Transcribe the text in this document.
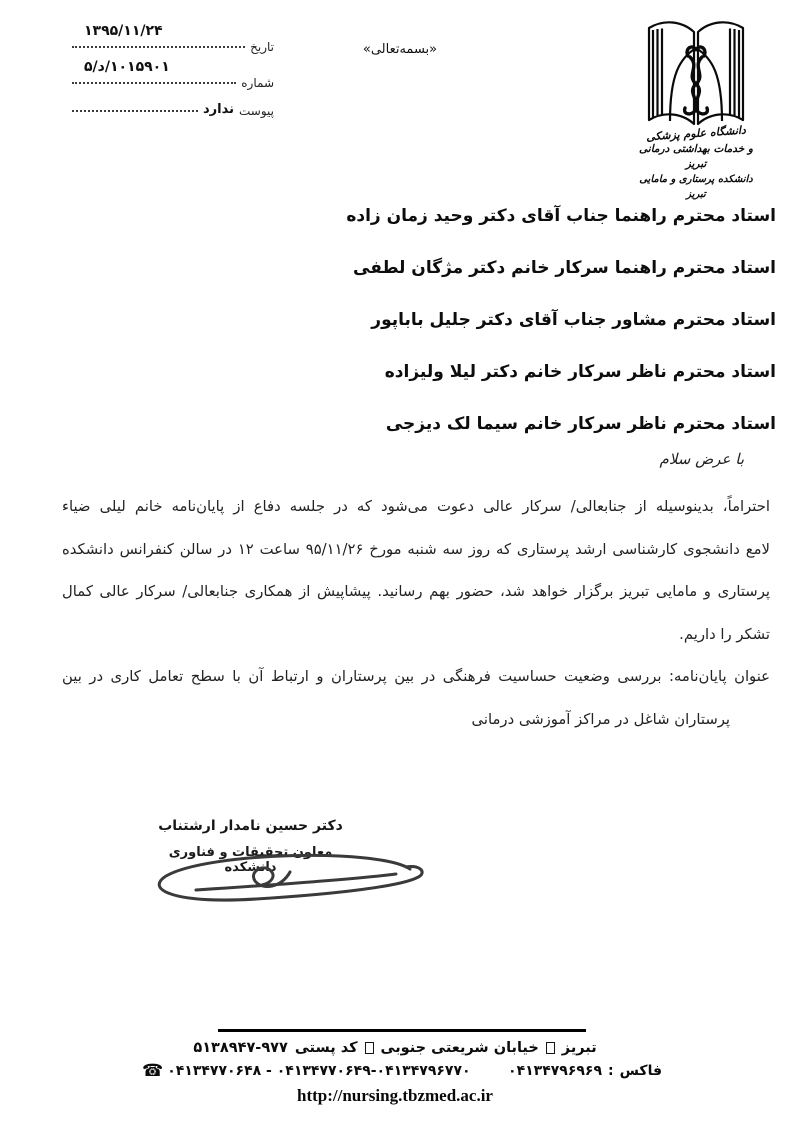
۱۳۹۵/۱۱/۲۴
تاریخ
۵/د/۱۰۱۵۹۰۱
شماره
پیوست
ندارد
«بسمه‌تعالی»
دانشگاه علوم پزشکی
و خدمات بهداشتی درمانی تبریز
دانشکده پرستاری و مامایی تبریز
استاد محترم راهنما جناب آقای دکتر وحید زمان زاده
استاد محترم راهنما سرکار خانم دکتر مژگان لطفی
استاد محترم مشاور جناب آقای دکتر جلیل باباپور
استاد محترم ناظر سرکار خانم دکتر لیلا ولیزاده
استاد محترم ناظر سرکار خانم سیما لک دیزجی
با عرض سلام
احتراماً، بدینوسیله از جنابعالی/ سرکار عالی دعوت می‌شود که در جلسه دفاع از پایان‌نامه خانم لیلی ضیاء
لامع دانشجوی کارشناسی ارشد پرستاری که روز سه شنبه مورخ ۹۵/۱۱/۲۶ ساعت ۱۲ در سالن کنفرانس دانشکده
پرستاری و مامایی تبریز برگزار خواهد شد، حضور بهم رسانید. پیشاپیش از همکاری جنابعالی/ سرکار عالی کمال
تشکر را داریم.
عنوان پایان‌نامه: بررسی وضعیت حساسیت فرهنگی در بین پرستاران و ارتباط آن با سطح تعامل کاری در بین
پرستاران شاغل در مراکز آموزشی درمانی
دکتر حسین نامدار ارشتناب
معاون تحقیقات و فناوری دانشکده
تبریز
خیابان شریعتی جنوبی
کد پستی
۵۱۳۸۹۴۷-۹۷۷
☎ ۰۴۱۳۴۷۷۰۶۴۸ - ۰۴۱۳۴۷۷۰۶۴۹-۰۴۱۳۴۷۹۶۷۷۰	۰۴۱۳۴۷۹۶۹۶۹ : فاکس
http://nursing.tbzmed.ac.ir
